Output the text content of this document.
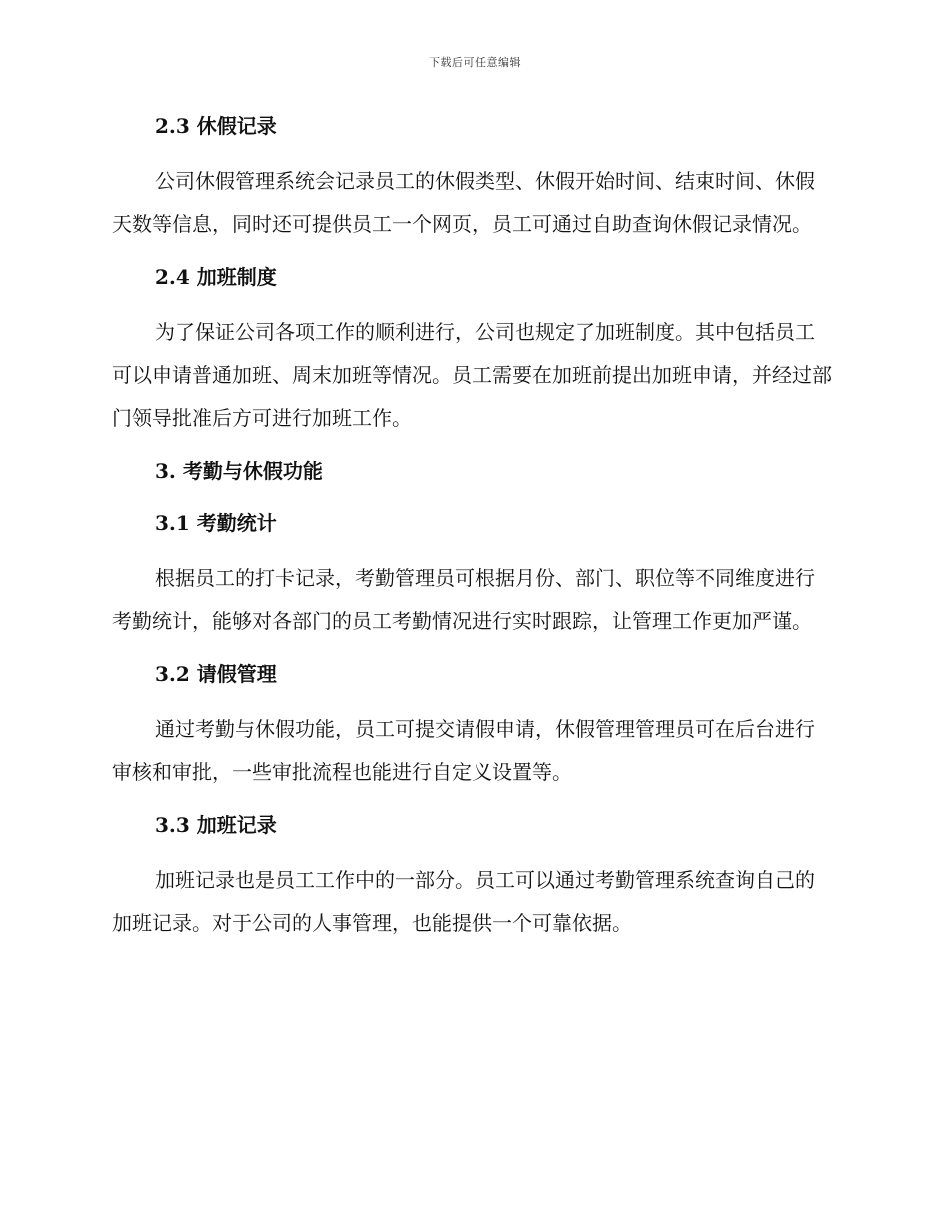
下载后可任意编辑
2.3 休假记录

公司休假管理系统会记录员工的休假类型、休假开始时间、结束时间、休假天数等信息，同时还可提供员工一个网页，员工可通过自助查询休假记录情况。

2.4 加班制度

为了保证公司各项工作的顺利进行，公司也规定了加班制度。其中包括员工可以申请普通加班、周末加班等情况。员工需要在加班前提出加班申请，并经过部门领导批准后方可进行加班工作。

3. 考勤与休假功能
3.1 考勤统计

根据员工的打卡记录，考勤管理员可根据月份、部门、职位等不同维度进行考勤统计，能够对各部门的员工考勤情况进行实时跟踪，让管理工作更加严谨。

3.2 请假管理

通过考勤与休假功能，员工可提交请假申请，休假管理管理员可在后台进行审核和审批，一些审批流程也能进行自定义设置等。

3.3 加班记录

加班记录也是员工工作中的一部分。员工可以通过考勤管理系统查询自己的加班记录。对于公司的人事管理，也能提供一个可靠依据。
